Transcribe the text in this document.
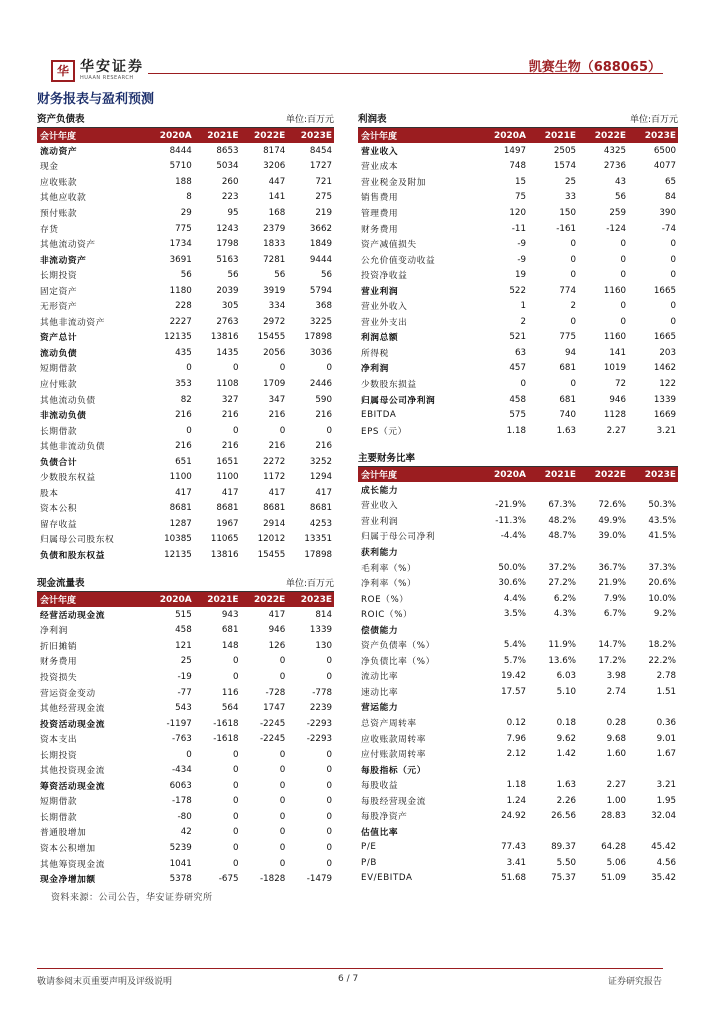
华 华安证券
HUAAN RESEARCH
凯赛生物（688065）
财务报表与盈利预测
资产负债表	单位:百万元
会计年度	2020A	2021E	2022E	2023E
流动资产	8444	8653	8174	8454
现金	5710	5034	3206	1727
应收账款	188	260	447	721
其他应收款	8	223	141	275
预付账款	29	95	168	219
存货	775	1243	2379	3662
其他流动资产	1734	1798	1833	1849
非流动资产	3691	5163	7281	9444
长期投资	56	56	56	56
固定资产	1180	2039	3919	5794
无形资产	228	305	334	368
其他非流动资产	2227	2763	2972	3225
资产总计	12135	13816	15455	17898
流动负债	435	1435	2056	3036
短期借款	0	0	0	0
应付账款	353	1108	1709	2446
其他流动负债	82	327	347	590
非流动负债	216	216	216	216
长期借款	0	0	0	0
其他非流动负债	216	216	216	216
负债合计	651	1651	2272	3252
少数股东权益	1100	1100	1172	1294
股本	417	417	417	417
资本公积	8681	8681	8681	8681
留存收益	1287	1967	2914	4253
归属母公司股东权	10385	11065	12012	13351
负债和股东权益	12135	13816	15455	17898
利润表	单位:百万元
会计年度	2020A	2021E	2022E	2023E
营业收入	1497	2505	4325	6500
营业成本	748	1574	2736	4077
营业税金及附加	15	25	43	65
销售费用	75	33	56	84
管理费用	120	150	259	390
财务费用	-11	-161	-124	-74
资产减值损失	-9	0	0	0
公允价值变动收益	-9	0	0	0
投资净收益	19	0	0	0
营业利润	522	774	1160	1665
营业外收入	1	2	0	0
营业外支出	2	0	0	0
利润总额	521	775	1160	1665
所得税	63	94	141	203
净利润	457	681	1019	1462
少数股东损益	0	0	72	122
归属母公司净利润	458	681	946	1339
EBITDA	575	740	1128	1669
EPS（元）	1.18	1.63	2.27	3.21
现金流量表	单位:百万元
会计年度	2020A	2021E	2022E	2023E
经营活动现金流	515	943	417	814
净利润	458	681	946	1339
折旧摊销	121	148	126	130
财务费用	25	0	0	0
投资损失	-19	0	0	0
营运资金变动	-77	116	-728	-778
其他经营现金流	543	564	1747	2239
投资活动现金流	-1197	-1618	-2245	-2293
资本支出	-763	-1618	-2245	-2293
长期投资	0	0	0	0
其他投资现金流	-434	0	0	0
筹资活动现金流	6063	0	0	0
短期借款	-178	0	0	0
长期借款	-80	0	0	0
普通股增加	42	0	0	0
资本公积增加	5239	0	0	0
其他筹资现金流	1041	0	0	0
现金净增加额	5378	-675	-1828	-1479
主要财务比率
会计年度	2020A	2021E	2022E	2023E
成长能力				
营业收入	-21.9%	67.3%	72.6%	50.3%
营业利润	-11.3%	48.2%	49.9%	43.5%
归属于母公司净利	-4.4%	48.7%	39.0%	41.5%
获利能力				
毛利率（%）	50.0%	37.2%	36.7%	37.3%
净利率（%）	30.6%	27.2%	21.9%	20.6%
ROE（%）	4.4%	6.2%	7.9%	10.0%
ROIC（%）	3.5%	4.3%	6.7%	9.2%
偿债能力				
资产负债率（%）	5.4%	11.9%	14.7%	18.2%
净负债比率（%）	5.7%	13.6%	17.2%	22.2%
流动比率	19.42	6.03	3.98	2.78
速动比率	17.57	5.10	2.74	1.51
营运能力				
总资产周转率	0.12	0.18	0.28	0.36
应收账款周转率	7.96	9.62	9.68	9.01
应付账款周转率	2.12	1.42	1.60	1.67
每股指标（元）				
每股收益	1.18	1.63	2.27	3.21
每股经营现金流	1.24	2.26	1.00	1.95
每股净资产	24.92	26.56	28.83	32.04
估值比率				
P/E	77.43	89.37	64.28	45.42
P/B	3.41	5.50	5.06	4.56
EV/EBITDA	51.68	75.37	51.09	35.42
资料来源：公司公告，华安证券研究所
敬请参阅末页重要声明及评级说明	6 / 7	证券研究报告
